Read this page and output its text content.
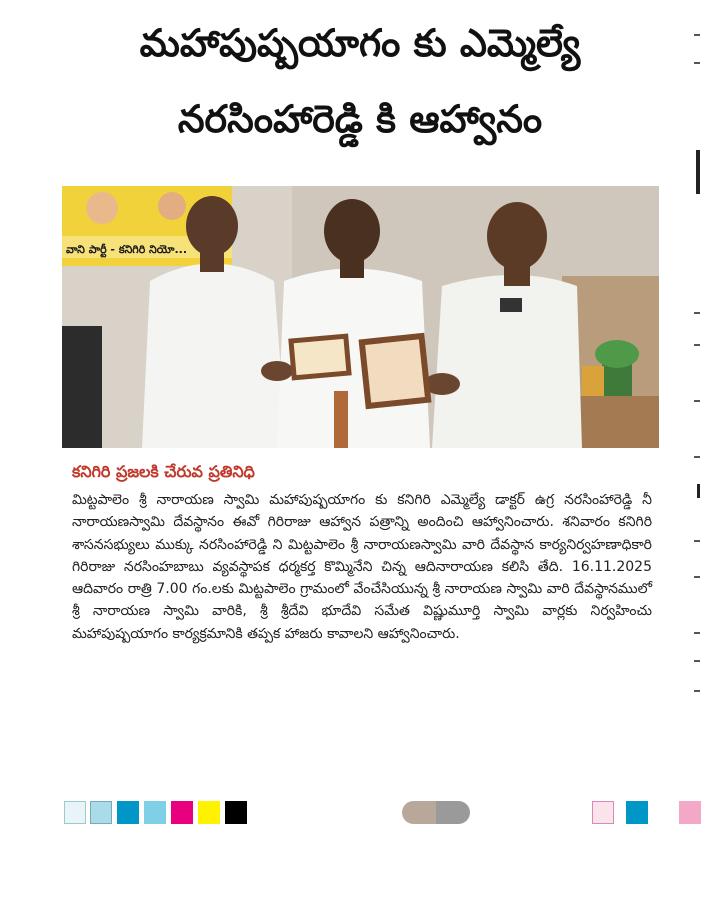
మహాపుష్పయాగం కు ఎమ్మెల్యే
నరసింహారెడ్డి కి ఆహ్వానం
వాని పార్టీ - కనిగిరి నియో...
కనిగిరి ప్రజలకి చేరువ ప్రతినిధి
మిట్టపాలెం శ్రీ నారాయణ స్వామి మహాపుష్పయాగం కు కనిగిరి ఎమ్మెల్యే డాక్టర్ ఉగ్ర నరసింహారెడ్డి నీ నారాయణస్వామి దేవస్థానం ఈవో గిరిరాజు ఆహ్వాన పత్రాన్ని అందించి ఆహ్వానించారు. శనివారం కనిగిరి శాసనసభ్యులు ముక్కు నరసింహారెడ్డి ని మిట్టపాలెం శ్రీ నారాయణస్వామి వారి దేవస్థాన కార్యనిర్వహణాధికారి గిరిరాజు నరసింహబాబు వ్యవస్థాపక ధర్మకర్త కొమ్మినేని చిన్న ఆదినారాయణ కలిసి తేది. 16.11.2025 ఆదివారం రాత్రి 7.00 గం.లకు మిట్టపాలెం గ్రామంలో వేంచేసియున్న శ్రీ నారాయణ స్వామి వారి దేవస్థానములో శ్రీ నారాయణ స్వామి వారికి, శ్రీ శ్రీదేవి భూదేవి సమేత విష్ణుమూర్తి స్వామి వార్లకు నిర్వహించు మహాపుష్పయాగం కార్యక్రమానికి తప్పక హాజరు కావాలని ఆహ్వానించారు.
